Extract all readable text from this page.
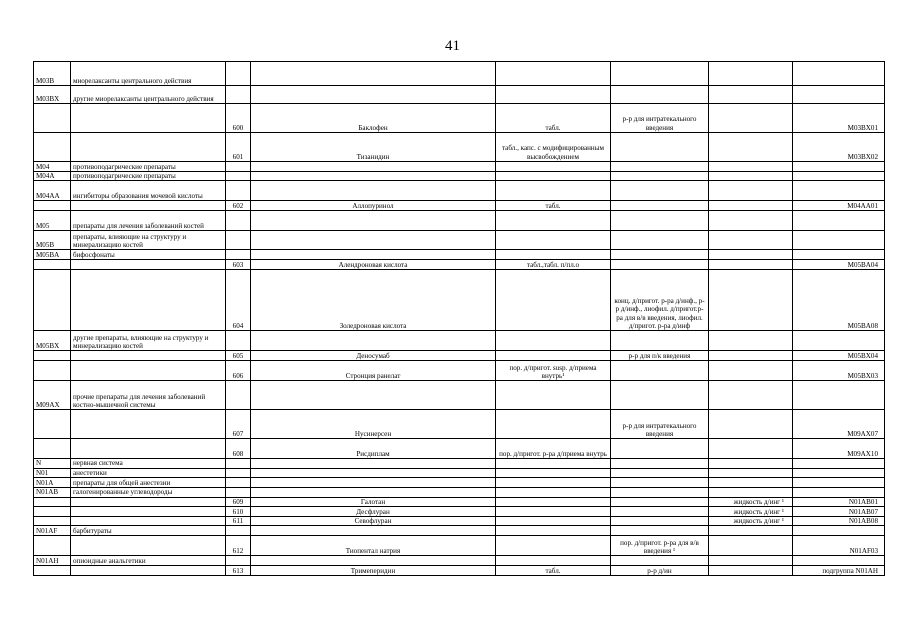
41
M03B	миорелаксанты центрального действия						
M03BX	другие миорелаксанты центрального действия						
		600	Баклофен	табл.	р-р для интратекального введения		M03BX01
		601	Тизанидин	табл., капс. с модифицированным высвобождением			M03BX02
M04	противоподагрические препараты						
M04A	противоподагрические препараты						
M04AA	ингибиторы образования мочевой кислоты						
		602	Аллопуринол	табл.			M04AA01
M05	препараты для лечения заболеваний костей						
M05B	препараты, влияющие на структуру и минерализацию костей						
M05BA	бифосфонаты						
		603	Алендроновая кислота	табл.,табл. п/пл.о			M05BA04
		604	Золедроновая кислота		конц. д/пригот. р-ра д/инф., р-р д/инф., лиофил. д/пригот.р-ра для в/в введения, лиофил. д/пригот. р-ра д/инф		M05BA08
M05BX	другие препараты, влияющие на структуру и минерализацию костей						
		605	Деносумаб		р-р для п/к введения		M05BX04
		606	Стронция ранелат	пор. д/пригот. susp. д/приема внутрь¹			M05BX03
M09AX	прочие препараты для лечения заболеваний костно-мышечной системы						
		607	Нусинерсен		р-р для интратекального введения		M09AX07
		608	Рисдиплам	пор. д/пригот. р-ра д/приема внутрь			M09AX10
N	нервная система						
N01	анестетики						
N01A	препараты для общей анестезии						
N01AB	галогенированные углеводороды						
		609	Галотан			жидкость д/инг ¹	N01AB01
		610	Десфлуран			жидкость д/инг ¹	N01AB07
		611	Севофлуран			жидкость д/инг ¹	N01AB08
N01AF	барбитураты						
		612	Тиопентал натрия		пор. д/пригот. р-ра для в/в введения ¹		N01AF03
N01AH	опиоидные анальгетики						
		613	Тримеперидин	табл.	р-р д/ин		подгруппа N01AH
